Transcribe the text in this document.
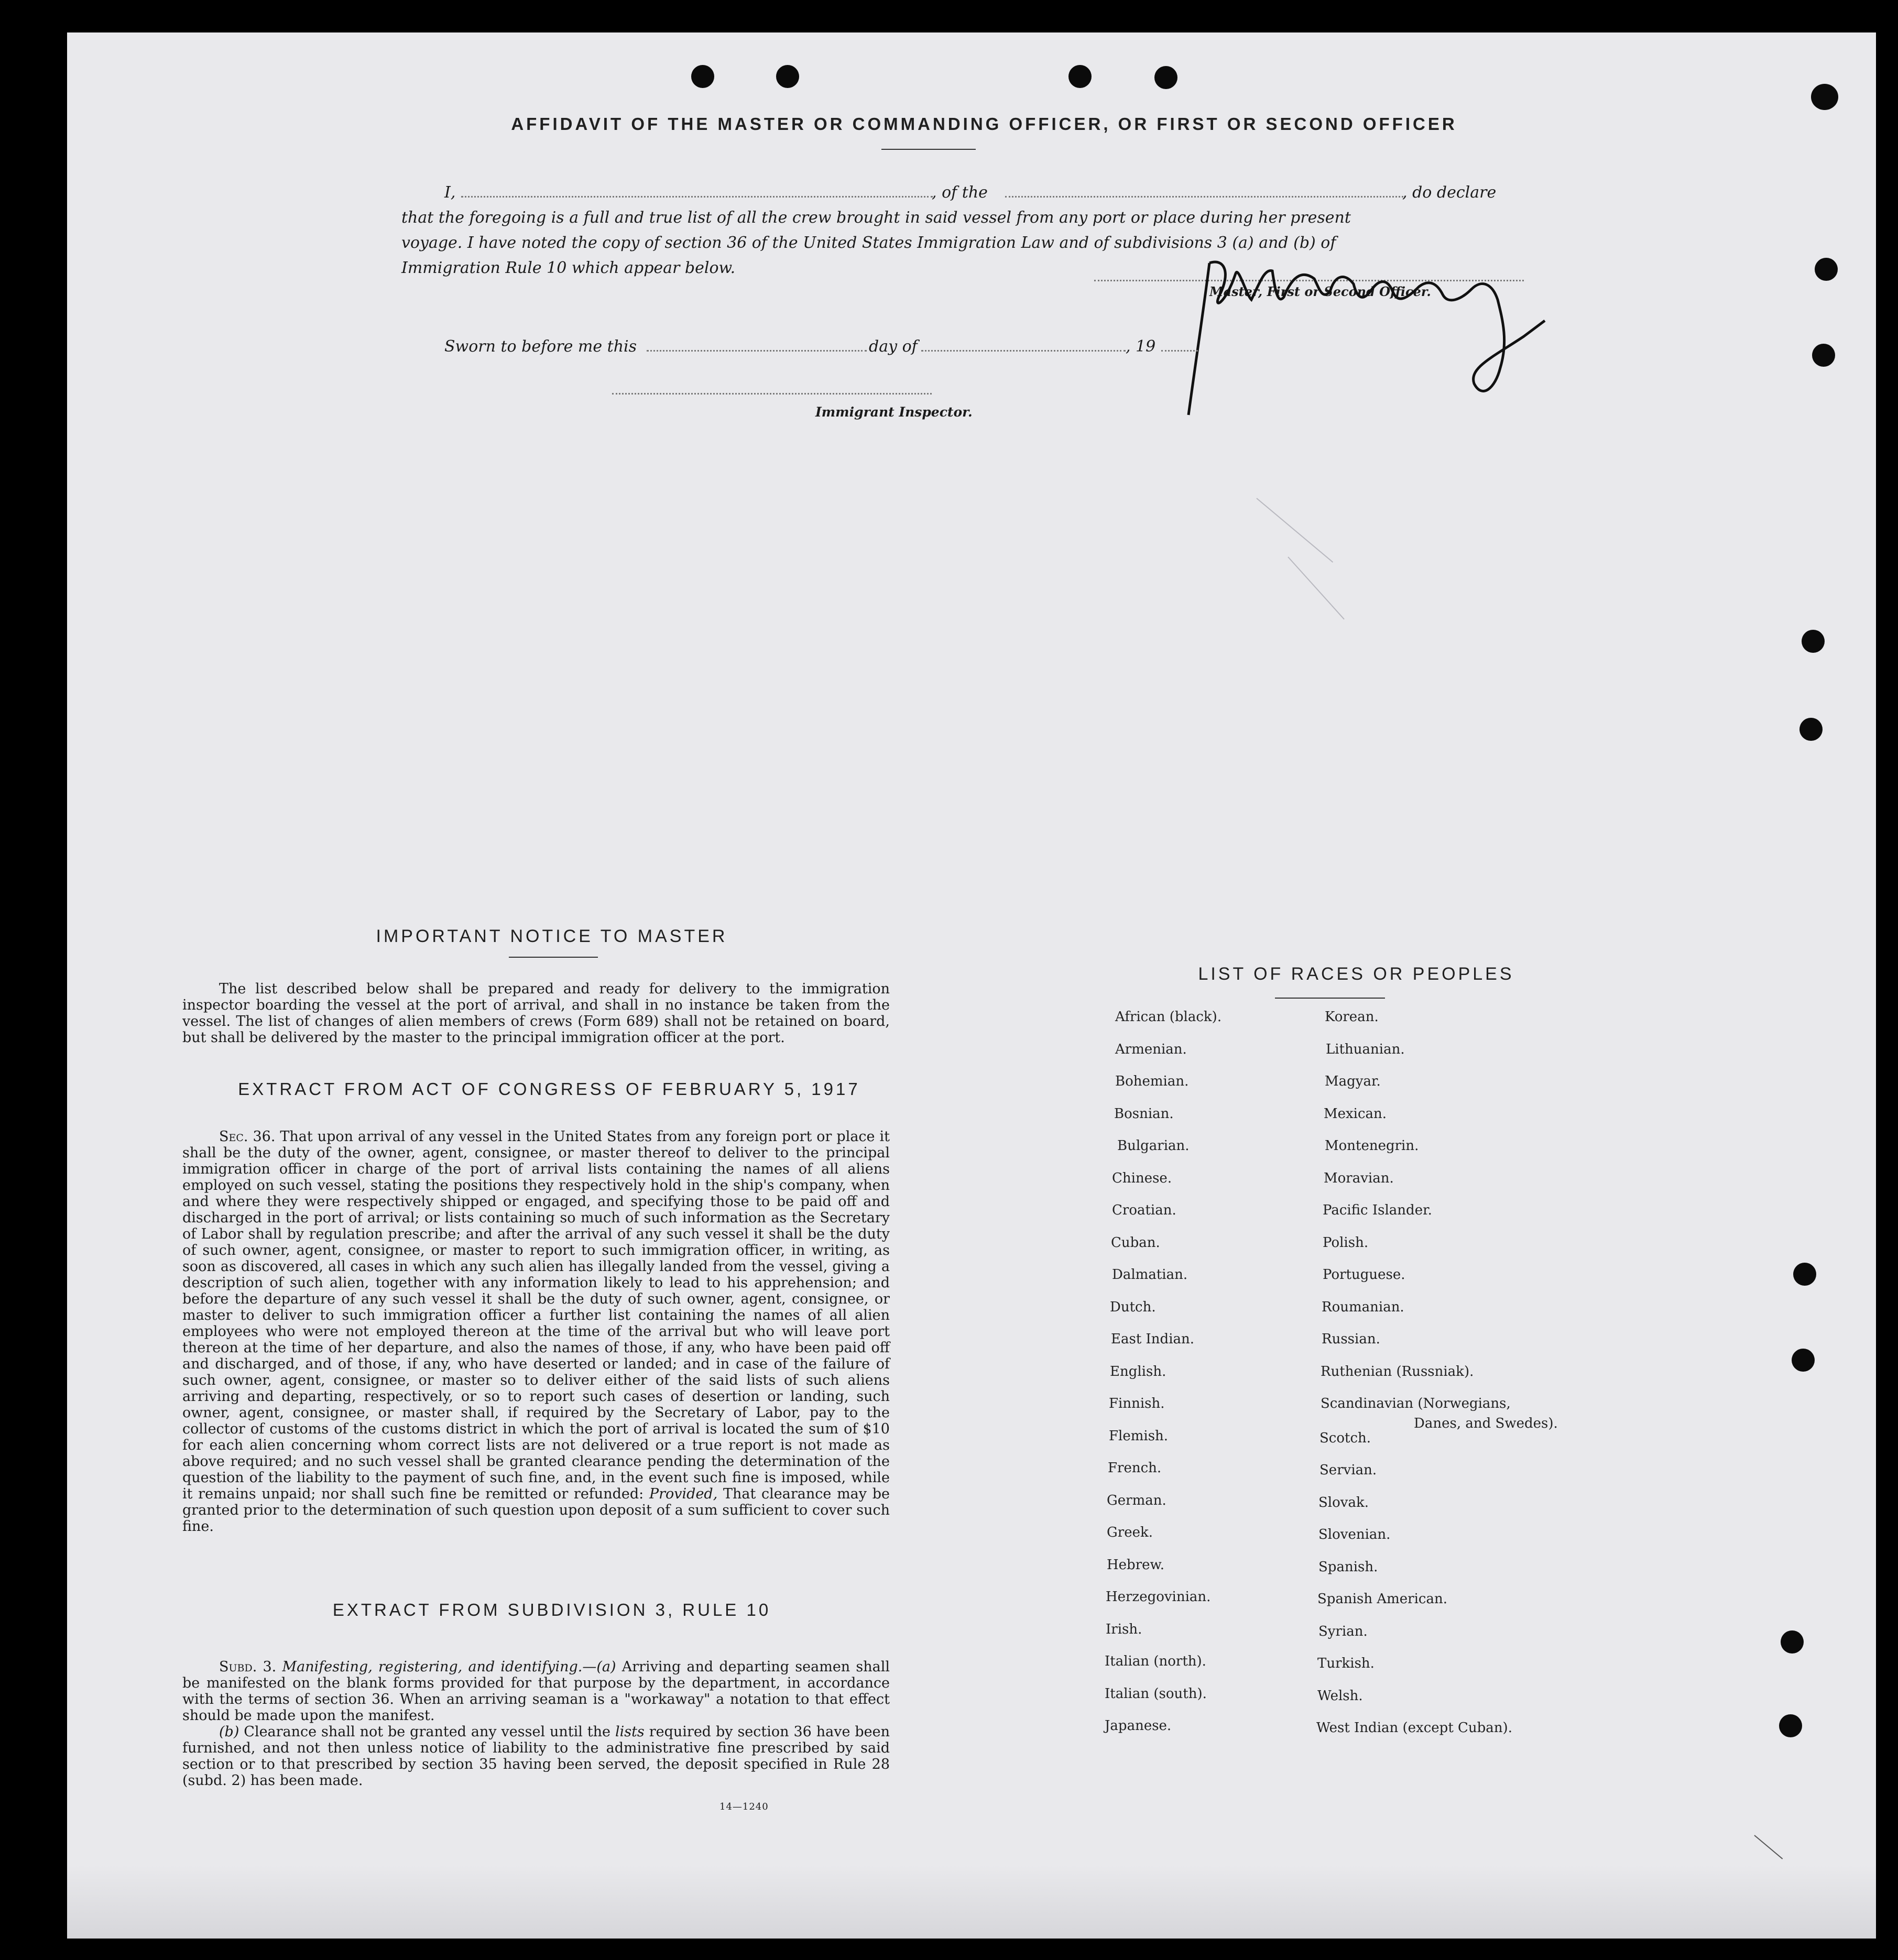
AFFIDAVIT OF THE MASTER OR COMMANDING OFFICER, OR FIRST OR SECOND OFFICER
I,	, of the	, do declare
that the foregoing is a full and true list of all the crew brought in said vessel from any port or place during her present
voyage. I have noted the copy of section 36 of the United States Immigration Law and of subdivisions 3 (a) and (b) of
Immigration Rule 10 which appear below.
Master, First or Second Officer.
Sworn to before me this	day of	, 19
Immigrant Inspector.
IMPORTANT NOTICE TO MASTER

The list described below shall be prepared and ready for delivery to the immigration inspector boarding the vessel at the port of arrival, and shall in no instance be taken from the vessel. The list of changes of alien members of crews (Form 689) shall not be retained on board, but shall be delivered by the master to the principal immigration officer at the port.

EXTRACT FROM ACT OF CONGRESS OF FEBRUARY 5, 1917

Sec. 36. That upon arrival of any vessel in the United States from any foreign port or place it shall be the duty of the owner, agent, consignee, or master thereof to deliver to the principal immigration officer in charge of the port of arrival lists containing the names of all aliens employed on such vessel, stating the positions they respectively hold in the ship's company, when and where they were respectively shipped or engaged, and specifying those to be paid off and discharged in the port of arrival; or lists containing so much of such information as the Secretary of Labor shall by regulation prescribe; and after the arrival of any such vessel it shall be the duty of such owner, agent, consignee, or master to report to such immigration officer, in writing, as soon as discovered, all cases in which any such alien has illegally landed from the vessel, giving a description of such alien, together with any information likely to lead to his apprehension; and before the departure of any such vessel it shall be the duty of such owner, agent, consignee, or master to deliver to such immigration officer a further list containing the names of all alien employees who were not employed thereon at the time of the arrival but who will leave port thereon at the time of her departure, and also the names of those, if any, who have been paid off and discharged, and of those, if any, who have deserted or landed; and in case of the failure of such owner, agent, consignee, or master so to deliver either of the said lists of such aliens arriving and departing, respectively, or so to report such cases of desertion or landing, such owner, agent, consignee, or master shall, if required by the Secretary of Labor, pay to the collector of customs of the customs district in which the port of arrival is located the sum of $10 for each alien concerning whom correct lists are not delivered or a true report is not made as above required; and no such vessel shall be granted clearance pending the determination of the question of the liability to the payment of such fine, and, in the event such fine is imposed, while it remains unpaid; nor shall such fine be remitted or refunded: Provided, That clearance may be granted prior to the determination of such question upon deposit of a sum sufficient to cover such fine.

EXTRACT FROM SUBDIVISION 3, RULE 10

Subd. 3. Manifesting, registering, and identifying.—(a) Arriving and departing seamen shall be manifested on the blank forms provided for that purpose by the department, in accordance with the terms of section 36. When an arriving seaman is a "workaway" a notation to that effect should be made upon the manifest.

(b) Clearance shall not be granted any vessel until the lists required by section 36 have been furnished, and not then unless notice of liability to the administrative fine prescribed by said section or to that prescribed by section 35 having been served, the deposit specified in Rule 28 (subd. 2) has been made.

14—1240
LIST OF RACES OR PEOPLES
African (black).
Armenian.
Bohemian.
Bosnian.
Bulgarian.
Chinese.
Croatian.
Cuban.
Dalmatian.
Dutch.
East Indian.
English.
Finnish.
Flemish.
French.
German.
Greek.
Hebrew.
Herzegovinian.
Irish.
Italian (north).
Italian (south).
Japanese.
Korean.
Lithuanian.
Magyar.
Mexican.
Montenegrin.
Moravian.
Pacific Islander.
Polish.
Portuguese.
Roumanian.
Russian.
Ruthenian (Russniak).
Scandinavian (Norwegians,
Scotch.
Servian.
Slovak.
Slovenian.
Spanish.
Spanish American.
Syrian.
Turkish.
Welsh.
West Indian (except Cuban).
Danes, and Swedes).
